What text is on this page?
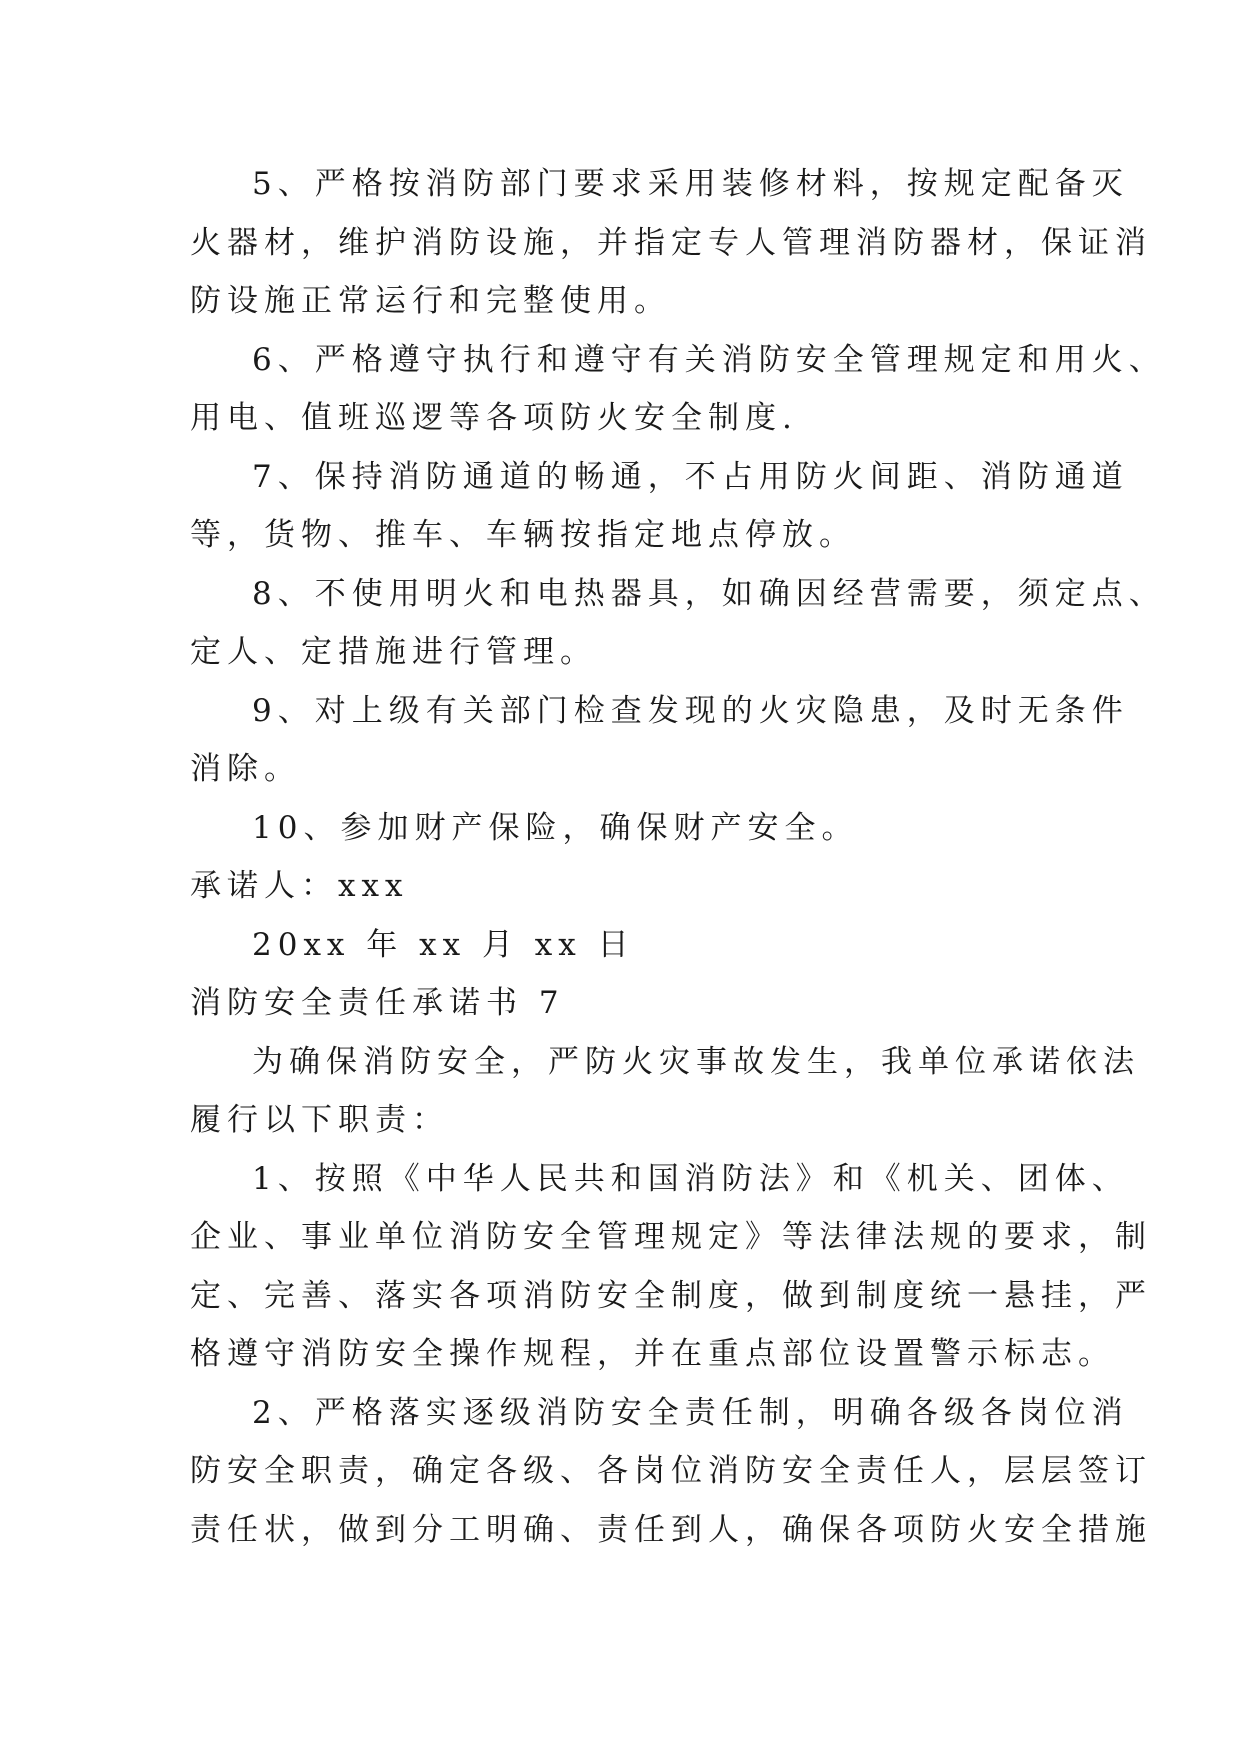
5、严格按消防部门要求采用装修材料，按规定配备灭
火器材，维护消防设施，并指定专人管理消防器材，保证消
防设施正常运行和完整使用。
6、严格遵守执行和遵守有关消防安全管理规定和用火、
用电、值班巡逻等各项防火安全制度.
7、保持消防通道的畅通，不占用防火间距、消防通道
等，货物、推车、车辆按指定地点停放。
8、不使用明火和电热器具，如确因经营需要，须定点、
定人、定措施进行管理。
9、对上级有关部门检查发现的火灾隐患，及时无条件
消除。
10、参加财产保险，确保财产安全。
承诺人：xxx
20xx 年 xx 月 xx 日
消防安全责任承诺书 7
为确保消防安全，严防火灾事故发生，我单位承诺依法
履行以下职责：
1、按照《中华人民共和国消防法》和《机关、团体、
企业、事业单位消防安全管理规定》等法律法规的要求，制
定、完善、落实各项消防安全制度，做到制度统一悬挂，严
格遵守消防安全操作规程，并在重点部位设置警示标志。
2、严格落实逐级消防安全责任制，明确各级各岗位消
防安全职责，确定各级、各岗位消防安全责任人，层层签订
责任状，做到分工明确、责任到人，确保各项防火安全措施
